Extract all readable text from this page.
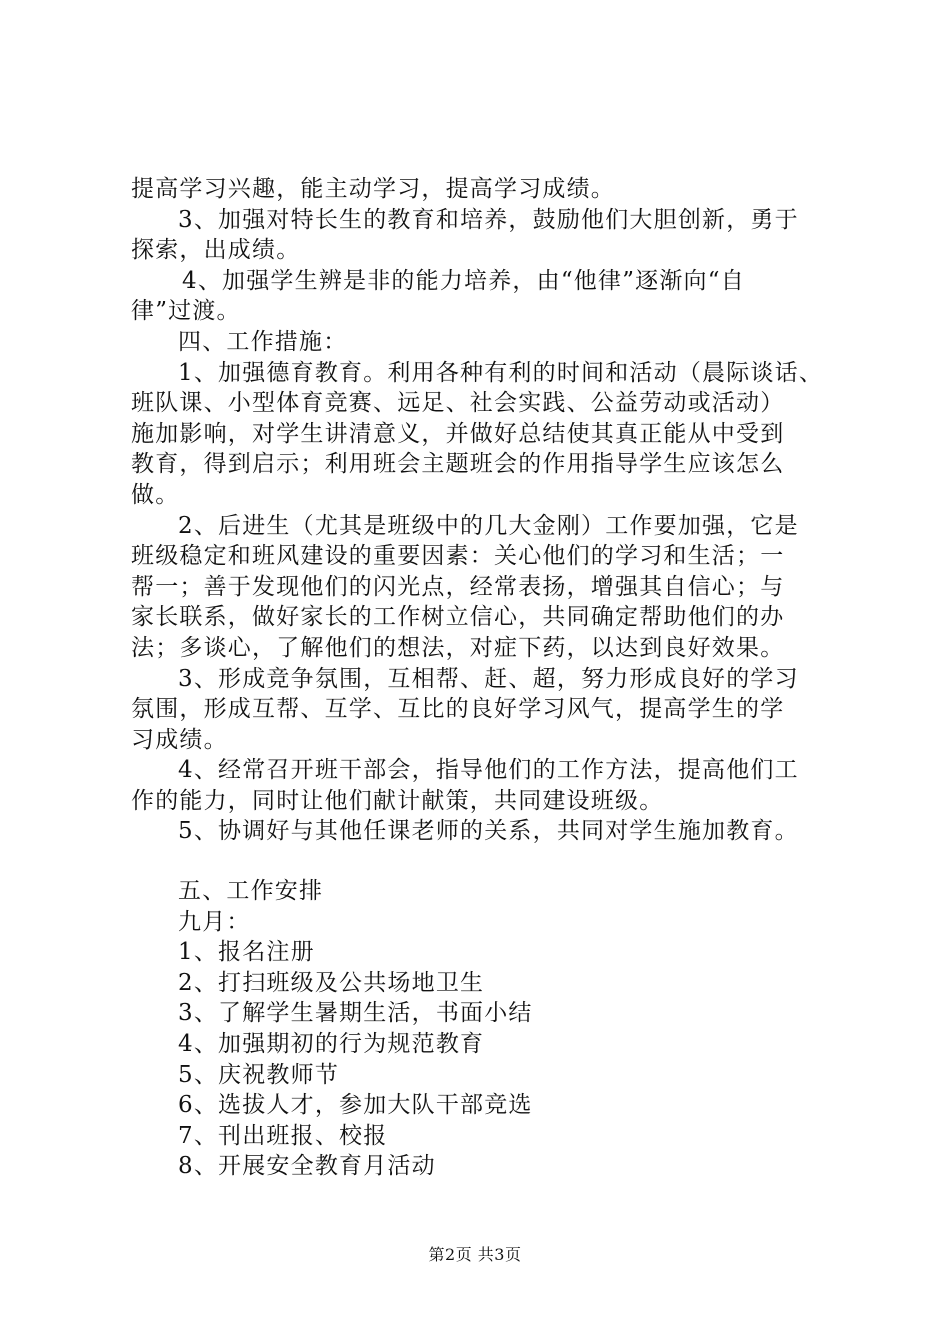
提高学习兴趣，能主动学习，提高学习成绩。
3、加强对特长生的教育和培养，鼓励他们大胆创新，勇于
探索，出成绩。
4、加强学生辨是非的能力培养，由“他律”逐渐向“自
律”过渡。
四、工作措施：
1、加强德育教育。利用各种有利的时间和活动（晨际谈话、
班队课、小型体育竞赛、远足、社会实践、公益劳动或活动）
施加影响，对学生讲清意义，并做好总结使其真正能从中受到
教育，得到启示；利用班会主题班会的作用指导学生应该怎么
做。
2、后进生（尤其是班级中的几大金刚）工作要加强，它是
班级稳定和班风建设的重要因素：关心他们的学习和生活；一
帮一；善于发现他们的闪光点，经常表扬，增强其自信心；与
家长联系，做好家长的工作树立信心，共同确定帮助他们的办
法；多谈心，了解他们的想法，对症下药，以达到良好效果。
3、形成竞争氛围，互相帮、赶、超，努力形成良好的学习
氛围，形成互帮、互学、互比的良好学习风气，提高学生的学
习成绩。
4、经常召开班干部会，指导他们的工作方法，提高他们工
作的能力，同时让他们献计献策，共同建设班级。
5、协调好与其他任课老师的关系，共同对学生施加教育。
五、工作安排
九月：
1、报名注册
2、打扫班级及公共场地卫生
3、了解学生暑期生活，书面小结
4、加强期初的行为规范教育
5、庆祝教师节
6、选拔人才，参加大队干部竞选
7、刊出班报、校报
8、开展安全教育月活动
第2页 共3页
